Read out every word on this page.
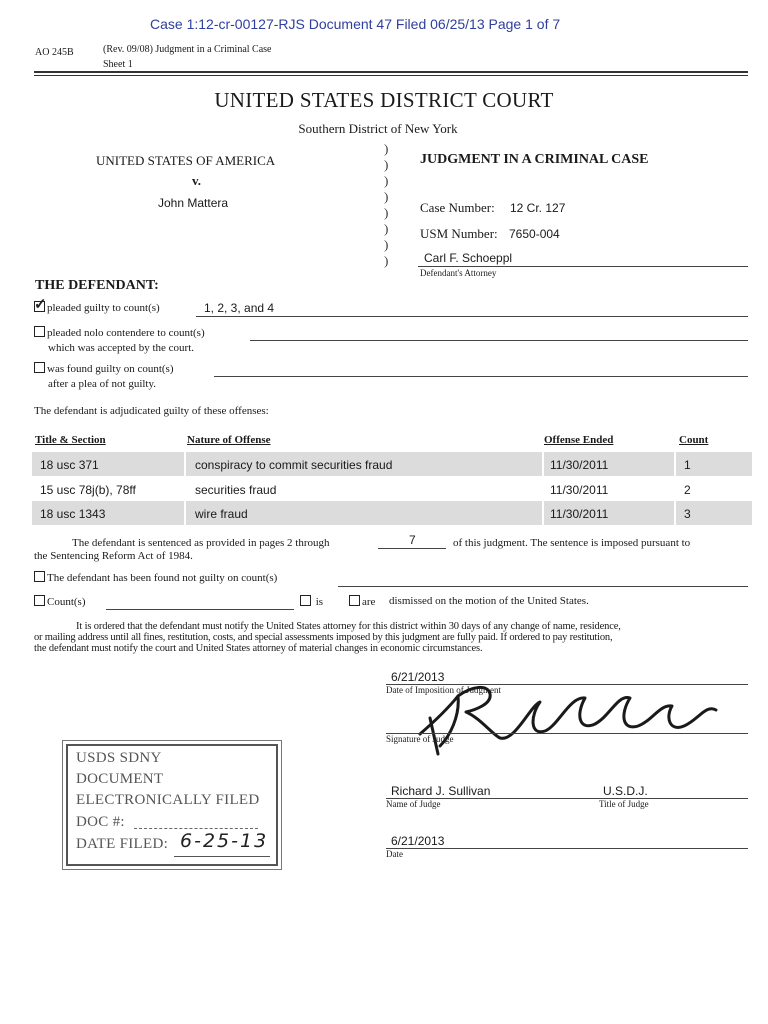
Case 1:12-cr-00127-RJS Document 47 Filed 06/25/13 Page 1 of 7
AO 245B	(Rev. 09/08) Judgment in a Criminal Case
Sheet 1
UNITED STATES DISTRICT COURT
Southern District of New York
UNITED STATES OF AMERICA
v.
John Mattera
)
)
)
)
)
)
)
)
JUDGMENT IN A CRIMINAL CASE
Case Number: 12 Cr. 127
USM Number: 7650-004
Carl F. Schoeppl
Defendant's Attorney
THE DEFENDANT:
✓ pleaded guilty to count(s)	1, 2, 3, and 4
pleaded nolo contendere to count(s)
which was accepted by the court.
was found guilty on count(s)
after a plea of not guilty.
The defendant is adjudicated guilty of these offenses:
Title & Section	Nature of Offense	Offense Ended	Count
18 usc 371	conspiracy to commit securities fraud	11/30/2011	1
15 usc 78j(b), 78ff	securities fraud	11/30/2011	2
18 usc 1343	wire fraud	11/30/2011	3
The defendant is sentenced as provided in pages 2 through	7	of this judgment. The sentence is imposed pursuant to
the Sentencing Reform Act of 1984.
The defendant has been found not guilty on count(s)
Count(s)	is	are dismissed on the motion of the United States.
It is ordered that the defendant must notify the United States attorney for this district within 30 days of any change of name, residence,
or mailing address until all fines, restitution, costs, and special assessments imposed by this judgment are fully paid. If ordered to pay restitution,
the defendant must notify the court and United States attorney of material changes in economic circumstances.
6/21/2013
Date of Imposition of Judgment
Signature of Judge
Richard J. Sullivan	U.S.D.J.
Name of Judge	Title of Judge
6/21/2013
Date
USDS SDNY
DOCUMENT
ELECTRONICALLY FILED
DOC #:
DATE FILED: 6-25-13
